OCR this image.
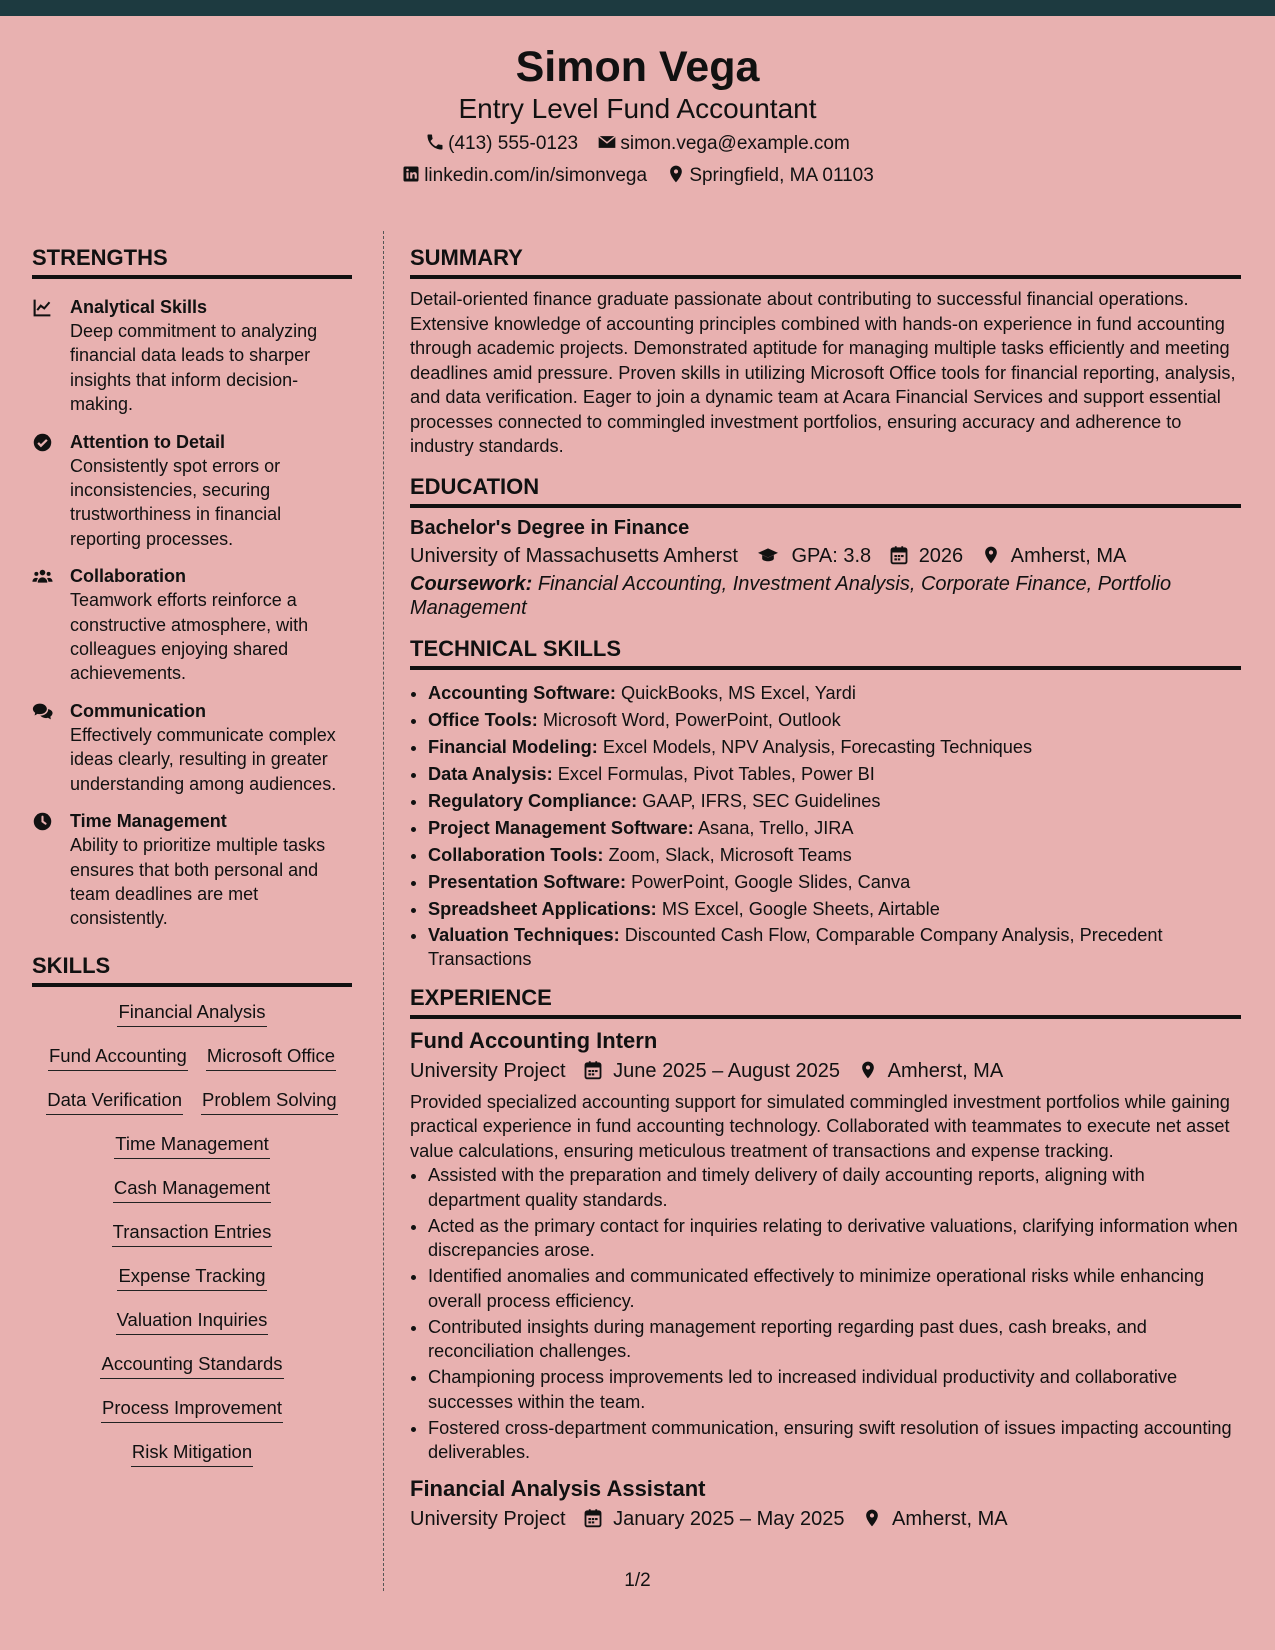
Simon Vega
Entry Level Fund Accountant
(413) 555-0123 simon.vega@example.com
linkedin.com/in/simonvega Springfield, MA 01103
STRENGTHS
Analytical Skills
Deep commitment to analyzing financial data leads to sharper insights that inform decision-making.
Attention to Detail
Consistently spot errors or inconsistencies, securing trustworthiness in financial reporting processes.
Collaboration
Teamwork efforts reinforce a constructive atmosphere, with colleagues enjoying shared achievements.
Communication
Effectively communicate complex ideas clearly, resulting in greater understanding among audiences.
Time Management
Ability to prioritize multiple tasks ensures that both personal and team deadlines are met consistently.
SKILLS
Financial Analysis
Fund Accounting Microsoft Office
Data Verification Problem Solving
Time Management
Cash Management
Transaction Entries
Expense Tracking
Valuation Inquiries
Accounting Standards
Process Improvement
Risk Mitigation
SUMMARY
Detail-oriented finance graduate passionate about contributing to successful financial operations. Extensive knowledge of accounting principles combined with hands-on experience in fund accounting through academic projects. Demonstrated aptitude for managing multiple tasks efficiently and meeting deadlines amid pressure. Proven skills in utilizing Microsoft Office tools for financial reporting, analysis, and data verification. Eager to join a dynamic team at Acara Financial Services and support essential processes connected to commingled investment portfolios, ensuring accuracy and adherence to industry standards.
EDUCATION
Bachelor's Degree in Finance
University of Massachusetts Amherst	GPA: 3.8 2026 Amherst, MA
Coursework: Financial Accounting, Investment Analysis, Corporate Finance, Portfolio Management
TECHNICAL SKILLS
• Accounting Software: QuickBooks, MS Excel, Yardi
• Office Tools: Microsoft Word, PowerPoint, Outlook
• Financial Modeling: Excel Models, NPV Analysis, Forecasting Techniques
• Data Analysis: Excel Formulas, Pivot Tables, Power BI
• Regulatory Compliance: GAAP, IFRS, SEC Guidelines
• Project Management Software: Asana, Trello, JIRA
• Collaboration Tools: Zoom, Slack, Microsoft Teams
• Presentation Software: PowerPoint, Google Slides, Canva
• Spreadsheet Applications: MS Excel, Google Sheets, Airtable
• Valuation Techniques: Discounted Cash Flow, Comparable Company Analysis, Precedent Transactions
EXPERIENCE
Fund Accounting Intern
University Project June 2025 – August 2025 Amherst, MA
Provided specialized accounting support for simulated commingled investment portfolios while gaining practical experience in fund accounting technology. Collaborated with teammates to execute net asset value calculations, ensuring meticulous treatment of transactions and expense tracking.
• Assisted with the preparation and timely delivery of daily accounting reports, aligning with department quality standards.
• Acted as the primary contact for inquiries relating to derivative valuations, clarifying information when discrepancies arose.
• Identified anomalies and communicated effectively to minimize operational risks while enhancing overall process efficiency.
• Contributed insights during management reporting regarding past dues, cash breaks, and reconciliation challenges.
• Championing process improvements led to increased individual productivity and collaborative successes within the team.
• Fostered cross-department communication, ensuring swift resolution of issues impacting accounting deliverables.
Financial Analysis Assistant
University Project January 2025 – May 2025 Amherst, MA
1/2
